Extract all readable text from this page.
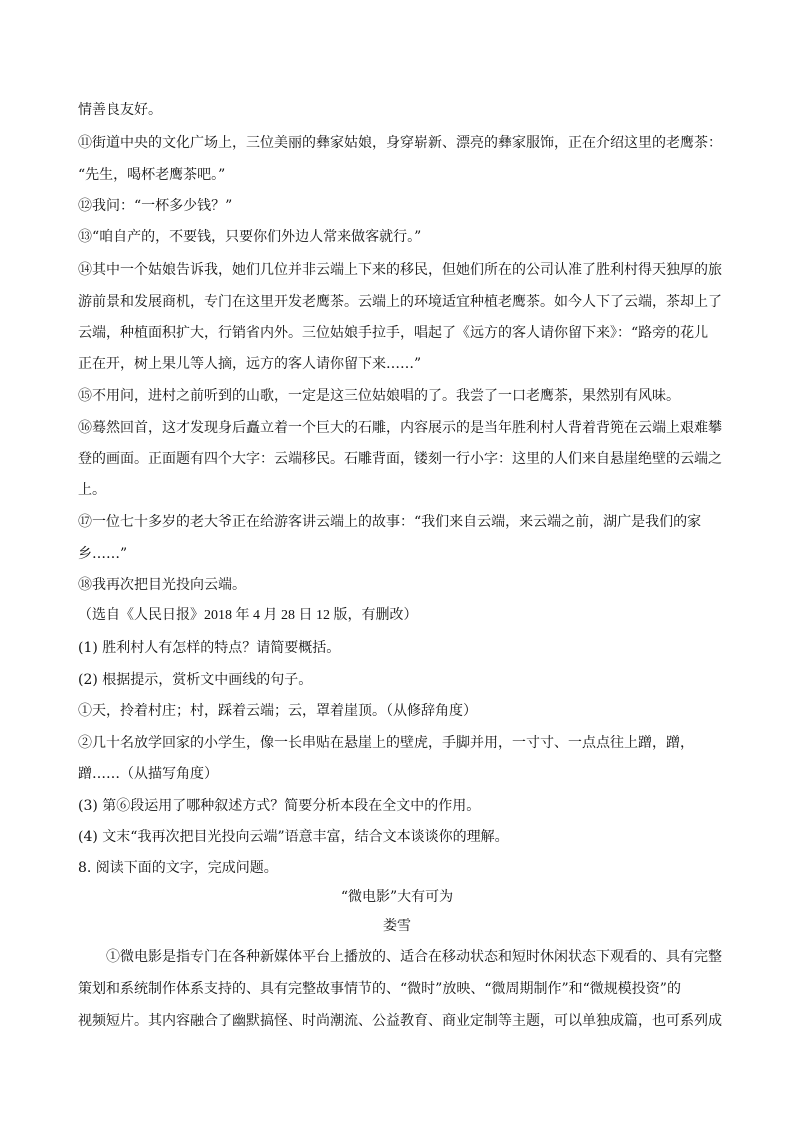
情善良友好。
⑪街道中央的文化广场上，三位美丽的彝家姑娘，身穿崭新、漂亮的彝家服饰，正在介绍这里的老鹰茶：
“先生，喝杯老鹰茶吧。”
⑫我问：“一杯多少钱？”
⑬“咱自产的，不要钱，只要你们外边人常来做客就行。”
⑭其中一个姑娘告诉我，她们几位并非云端上下来的移民，但她们所在的公司认准了胜利村得天独厚的旅
游前景和发展商机，专门在这里开发老鹰茶。云端上的环境适宜种植老鹰茶。如今人下了云端，茶却上了
云端，种植面积扩大，行销省内外。三位姑娘手拉手，唱起了《远方的客人请你留下来》：“路旁的花儿
正在开，树上果儿等人摘，远方的客人请你留下来……”
⑮不用问，进村之前听到的山歌，一定是这三位姑娘唱的了。我尝了一口老鹰茶，果然别有风味。
⑯蓦然回首，这才发现身后矗立着一个巨大的石雕，内容展示的是当年胜利村人背着背篼在云端上艰难攀
登的画面。正面题有四个大字：云端移民。石雕背面，镂刻一行小字：这里的人们来自悬崖绝壁的云端之
上。
⑰一位七十多岁的老大爷正在给游客讲云端上的故事：“我们来自云端，来云端之前，湖广是我们的家
乡……”
⑱我再次把目光投向云端。
（选自《人民日报》2018 年 4 月 28 日 12 版，有删改）
(1) 胜利村人有怎样的特点？请简要概括。
(2) 根据提示，赏析文中画线的句子。
①天，拎着村庄；村，踩着云端；云，罩着崖顶。（从修辞角度）
②几十名放学回家的小学生，像一长串贴在悬崖上的壁虎，手脚并用，一寸寸、一点点往上蹭，蹭，
蹭……（从描写角度）
(3) 第⑥段运用了哪种叙述方式？简要分析本段在全文中的作用。
(4) 文末“我再次把目光投向云端”语意丰富，结合文本谈谈你的理解。
8. 阅读下面的文字，完成问题。
“微电影”大有可为
娄雪
①微电影是指专门在各种新媒体平台上播放的、适合在移动状态和短时休闲状态下观看的、具有完整
策划和系统制作体系支持的、具有完整故事情节的、“微时”放映、“微周期制作”和“微规模投资”的
视频短片。其内容融合了幽默搞怪、时尚潮流、公益教育、商业定制等主题，可以单独成篇，也可系列成
